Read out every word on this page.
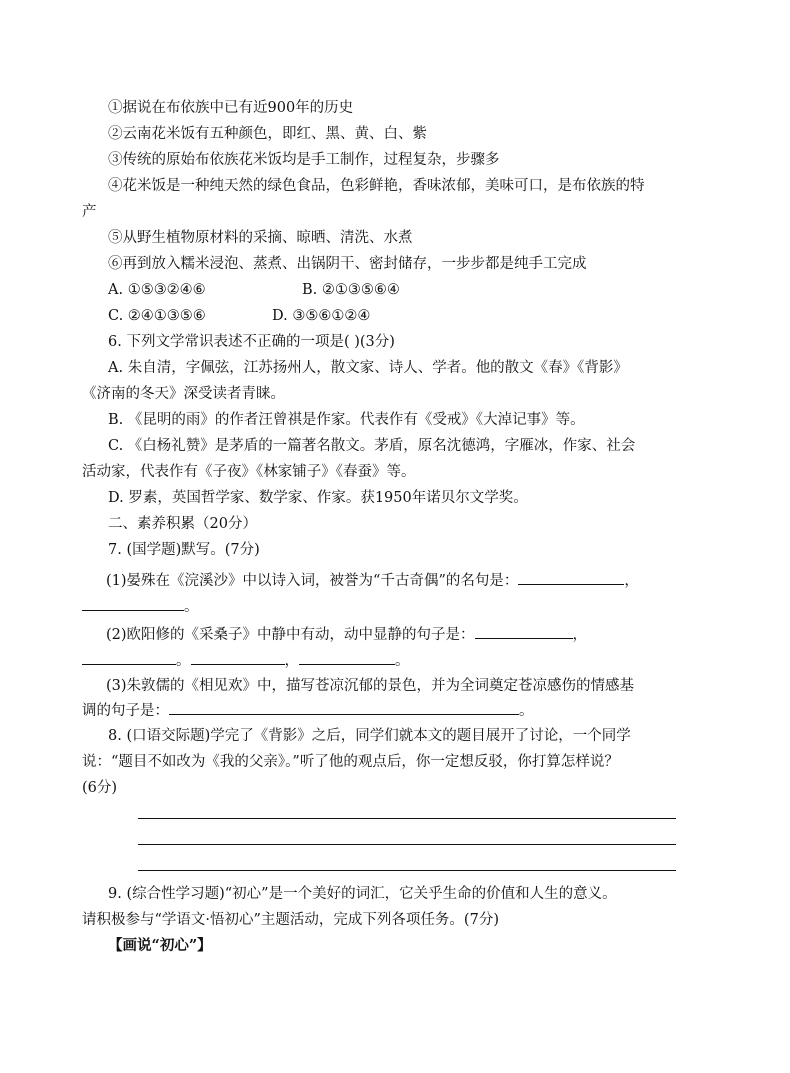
①据说在布依族中已有近900年的历史
②云南花米饭有五种颜色，即红、黑、黄、白、紫
③传统的原始布依族花米饭均是手工制作，过程复杂，步骤多
④花米饭是一种纯天然的绿色食品，色彩鲜艳，香味浓郁，美味可口，是布依族的特
产
⑤从野生植物原材料的采摘、晾晒、清洗、水煮
⑥再到放入糯米浸泡、蒸煮、出锅阴干、密封储存，一步步都是纯手工完成
A. ①⑤③②④⑥	B. ②①③⑤⑥④
C. ②④①③⑤⑥	D. ③⑤⑥①②④
6. 下列文学常识表述不正确的一项是( )(3分)
A. 朱自清，字佩弦，江苏扬州人，散文家、诗人、学者。他的散文《春》《背影》
《济南的冬天》深受读者青睐。
B. 《昆明的雨》的作者汪曾祺是作家。代表作有《受戒》《大淖记事》等。
C. 《白杨礼赞》是茅盾的一篇著名散文。茅盾，原名沈德鸿，字雁冰，作家、社会
活动家，代表作有《子夜》《林家铺子》《春蚕》等。
D. 罗素，英国哲学家、数学家、作家。获1950年诺贝尔文学奖。
二、素养积累（20分）
7. (国学题)默写。(7分)
(1)晏殊在《浣溪沙》中以诗入词，被誉为“千古奇偶”的名句是：	，
。
(2)欧阳修的《采桑子》中静中有动，动中显静的句子是：	，
。	，	。
(3)朱敦儒的《相见欢》中，描写苍凉沉郁的景色，并为全词奠定苍凉感伤的情感基
调的句子是：	。
8. (口语交际题)学完了《背影》之后，同学们就本文的题目展开了讨论，一个同学
说：“题目不如改为《我的父亲》。”听了他的观点后，你一定想反驳，你打算怎样说？
(6分)
9. (综合性学习题)“初心”是一个美好的词汇，它关乎生命的价值和人生的意义。
请积极参与“学语文·悟初心”主题活动，完成下列各项任务。(7分)
【画说“初心”】
